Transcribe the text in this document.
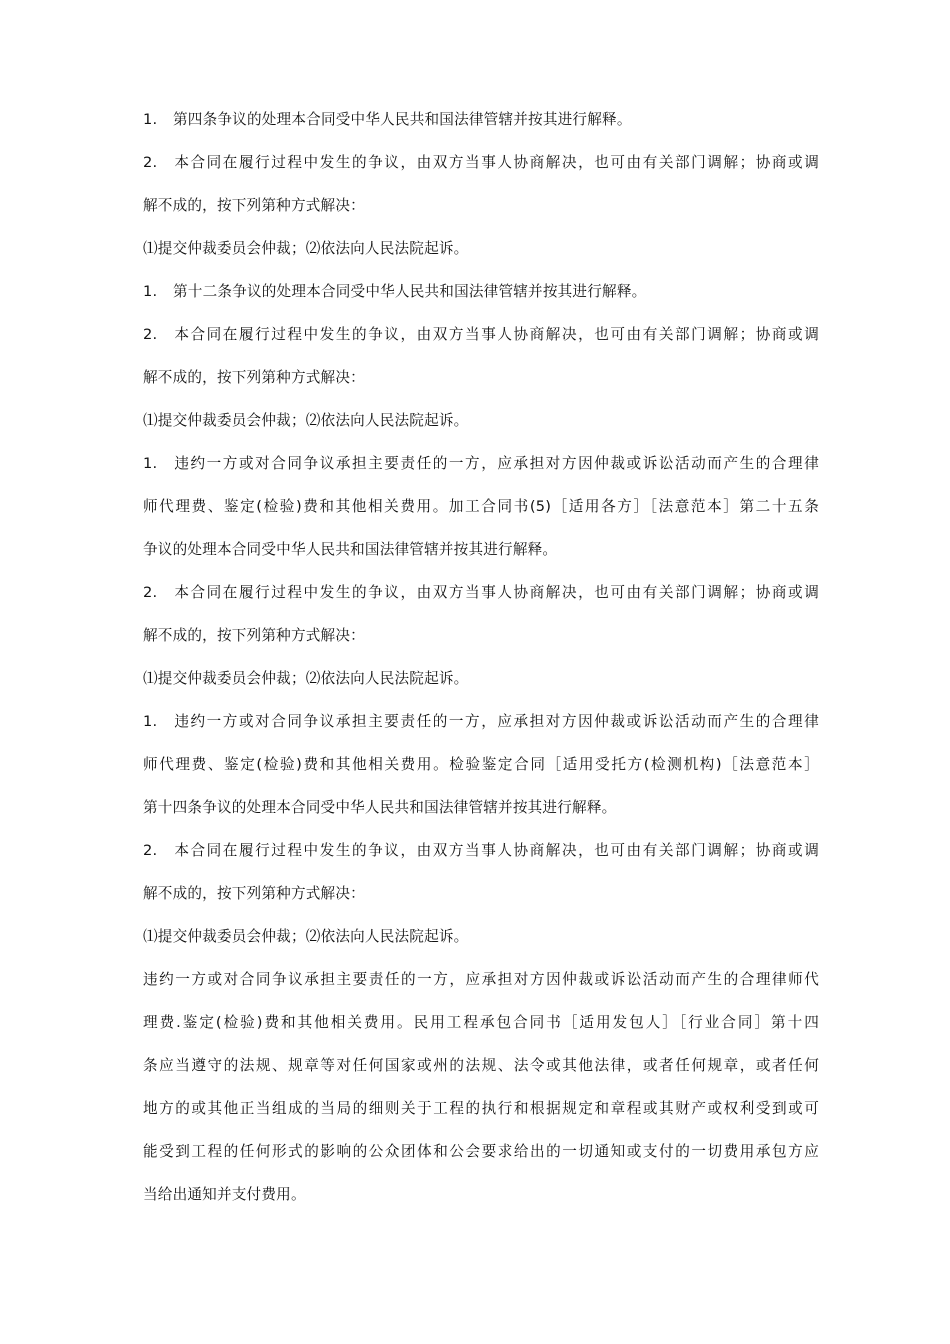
1. 第四条争议的处理本合同受中华人民共和国法律管辖并按其进行解释。
2. 本合同在履行过程中发生的争议，由双方当事人协商解决，也可由有关部门调解；协商或调
解不成的，按下列第种方式解决：
⑴提交仲裁委员会仲裁；⑵依法向人民法院起诉。
1. 第十二条争议的处理本合同受中华人民共和国法律管辖并按其进行解释。
2. 本合同在履行过程中发生的争议，由双方当事人协商解决，也可由有关部门调解；协商或调
解不成的，按下列第种方式解决：
⑴提交仲裁委员会仲裁；⑵依法向人民法院起诉。
1. 违约一方或对合同争议承担主要责任的一方，应承担对方因仲裁或诉讼活动而产生的合理律
师代理费、鉴定(检验)费和其他相关费用。加工合同书(5)［适用各方］［法意范本］第二十五条
争议的处理本合同受中华人民共和国法律管辖并按其进行解释。
2. 本合同在履行过程中发生的争议，由双方当事人协商解决，也可由有关部门调解；协商或调
解不成的，按下列第种方式解决：
⑴提交仲裁委员会仲裁；⑵依法向人民法院起诉。
1. 违约一方或对合同争议承担主要责任的一方，应承担对方因仲裁或诉讼活动而产生的合理律
师代理费、鉴定(检验)费和其他相关费用。检验鉴定合同［适用受托方(检测机构)［法意范本］
第十四条争议的处理本合同受中华人民共和国法律管辖并按其进行解释。
2. 本合同在履行过程中发生的争议，由双方当事人协商解决，也可由有关部门调解；协商或调
解不成的，按下列第种方式解决：
⑴提交仲裁委员会仲裁；⑵依法向人民法院起诉。
违约一方或对合同争议承担主要责任的一方，应承担对方因仲裁或诉讼活动而产生的合理律师代
理费.鉴定(检验)费和其他相关费用。民用工程承包合同书［适用发包人］［行业合同］第十四
条应当遵守的法规、规章等对任何国家或州的法规、法令或其他法律，或者任何规章，或者任何
地方的或其他正当组成的当局的细则关于工程的执行和根据规定和章程或其财产或权利受到或可
能受到工程的任何形式的影响的公众团体和公会要求给出的一切通知或支付的一切费用承包方应
当给出通知并支付费用。
